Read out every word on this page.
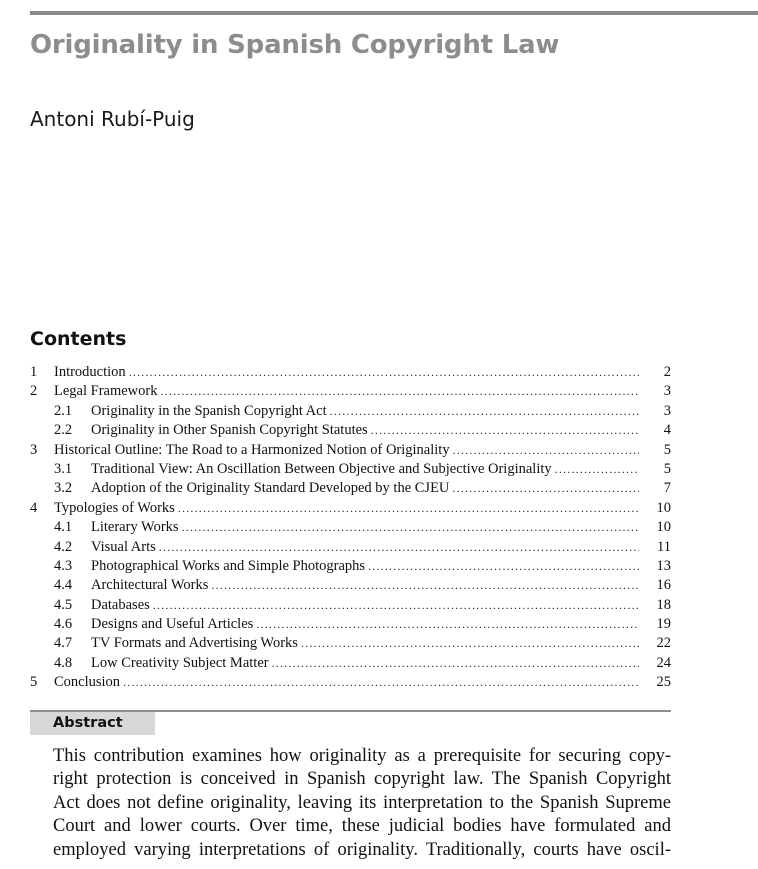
Originality in Spanish Copyright Law
Antoni Rubí-Puig
Contents
1	Introduction .....	2
2	Legal Framework .....	3
2.1	Originality in the Spanish Copyright Act .....	3
2.2	Originality in Other Spanish Copyright Statutes .....	4
3	Historical Outline: The Road to a Harmonized Notion of Originality .....	5
3.1	Traditional View: An Oscillation Between Objective and Subjective Originality .....	5
3.2	Adoption of the Originality Standard Developed by the CJEU .....	7
4	Typologies of Works .....	10
4.1	Literary Works .....	10
4.2	Visual Arts .....	11
4.3	Photographical Works and Simple Photographs .....	13
4.4	Architectural Works .....	16
4.5	Databases .....	18
4.6	Designs and Useful Articles .....	19
4.7	TV Formats and Advertising Works .....	22
4.8	Low Creativity Subject Matter .....	24
5	Conclusion .....	25
Abstract
This contribution examines how originality as a prerequisite for securing copy-
right protection is conceived in Spanish copyright law. The Spanish Copyright
Act does not define originality, leaving its interpretation to the Spanish Supreme
Court and lower courts. Over time, these judicial bodies have formulated and
employed varying interpretations of originality. Traditionally, courts have oscil-
